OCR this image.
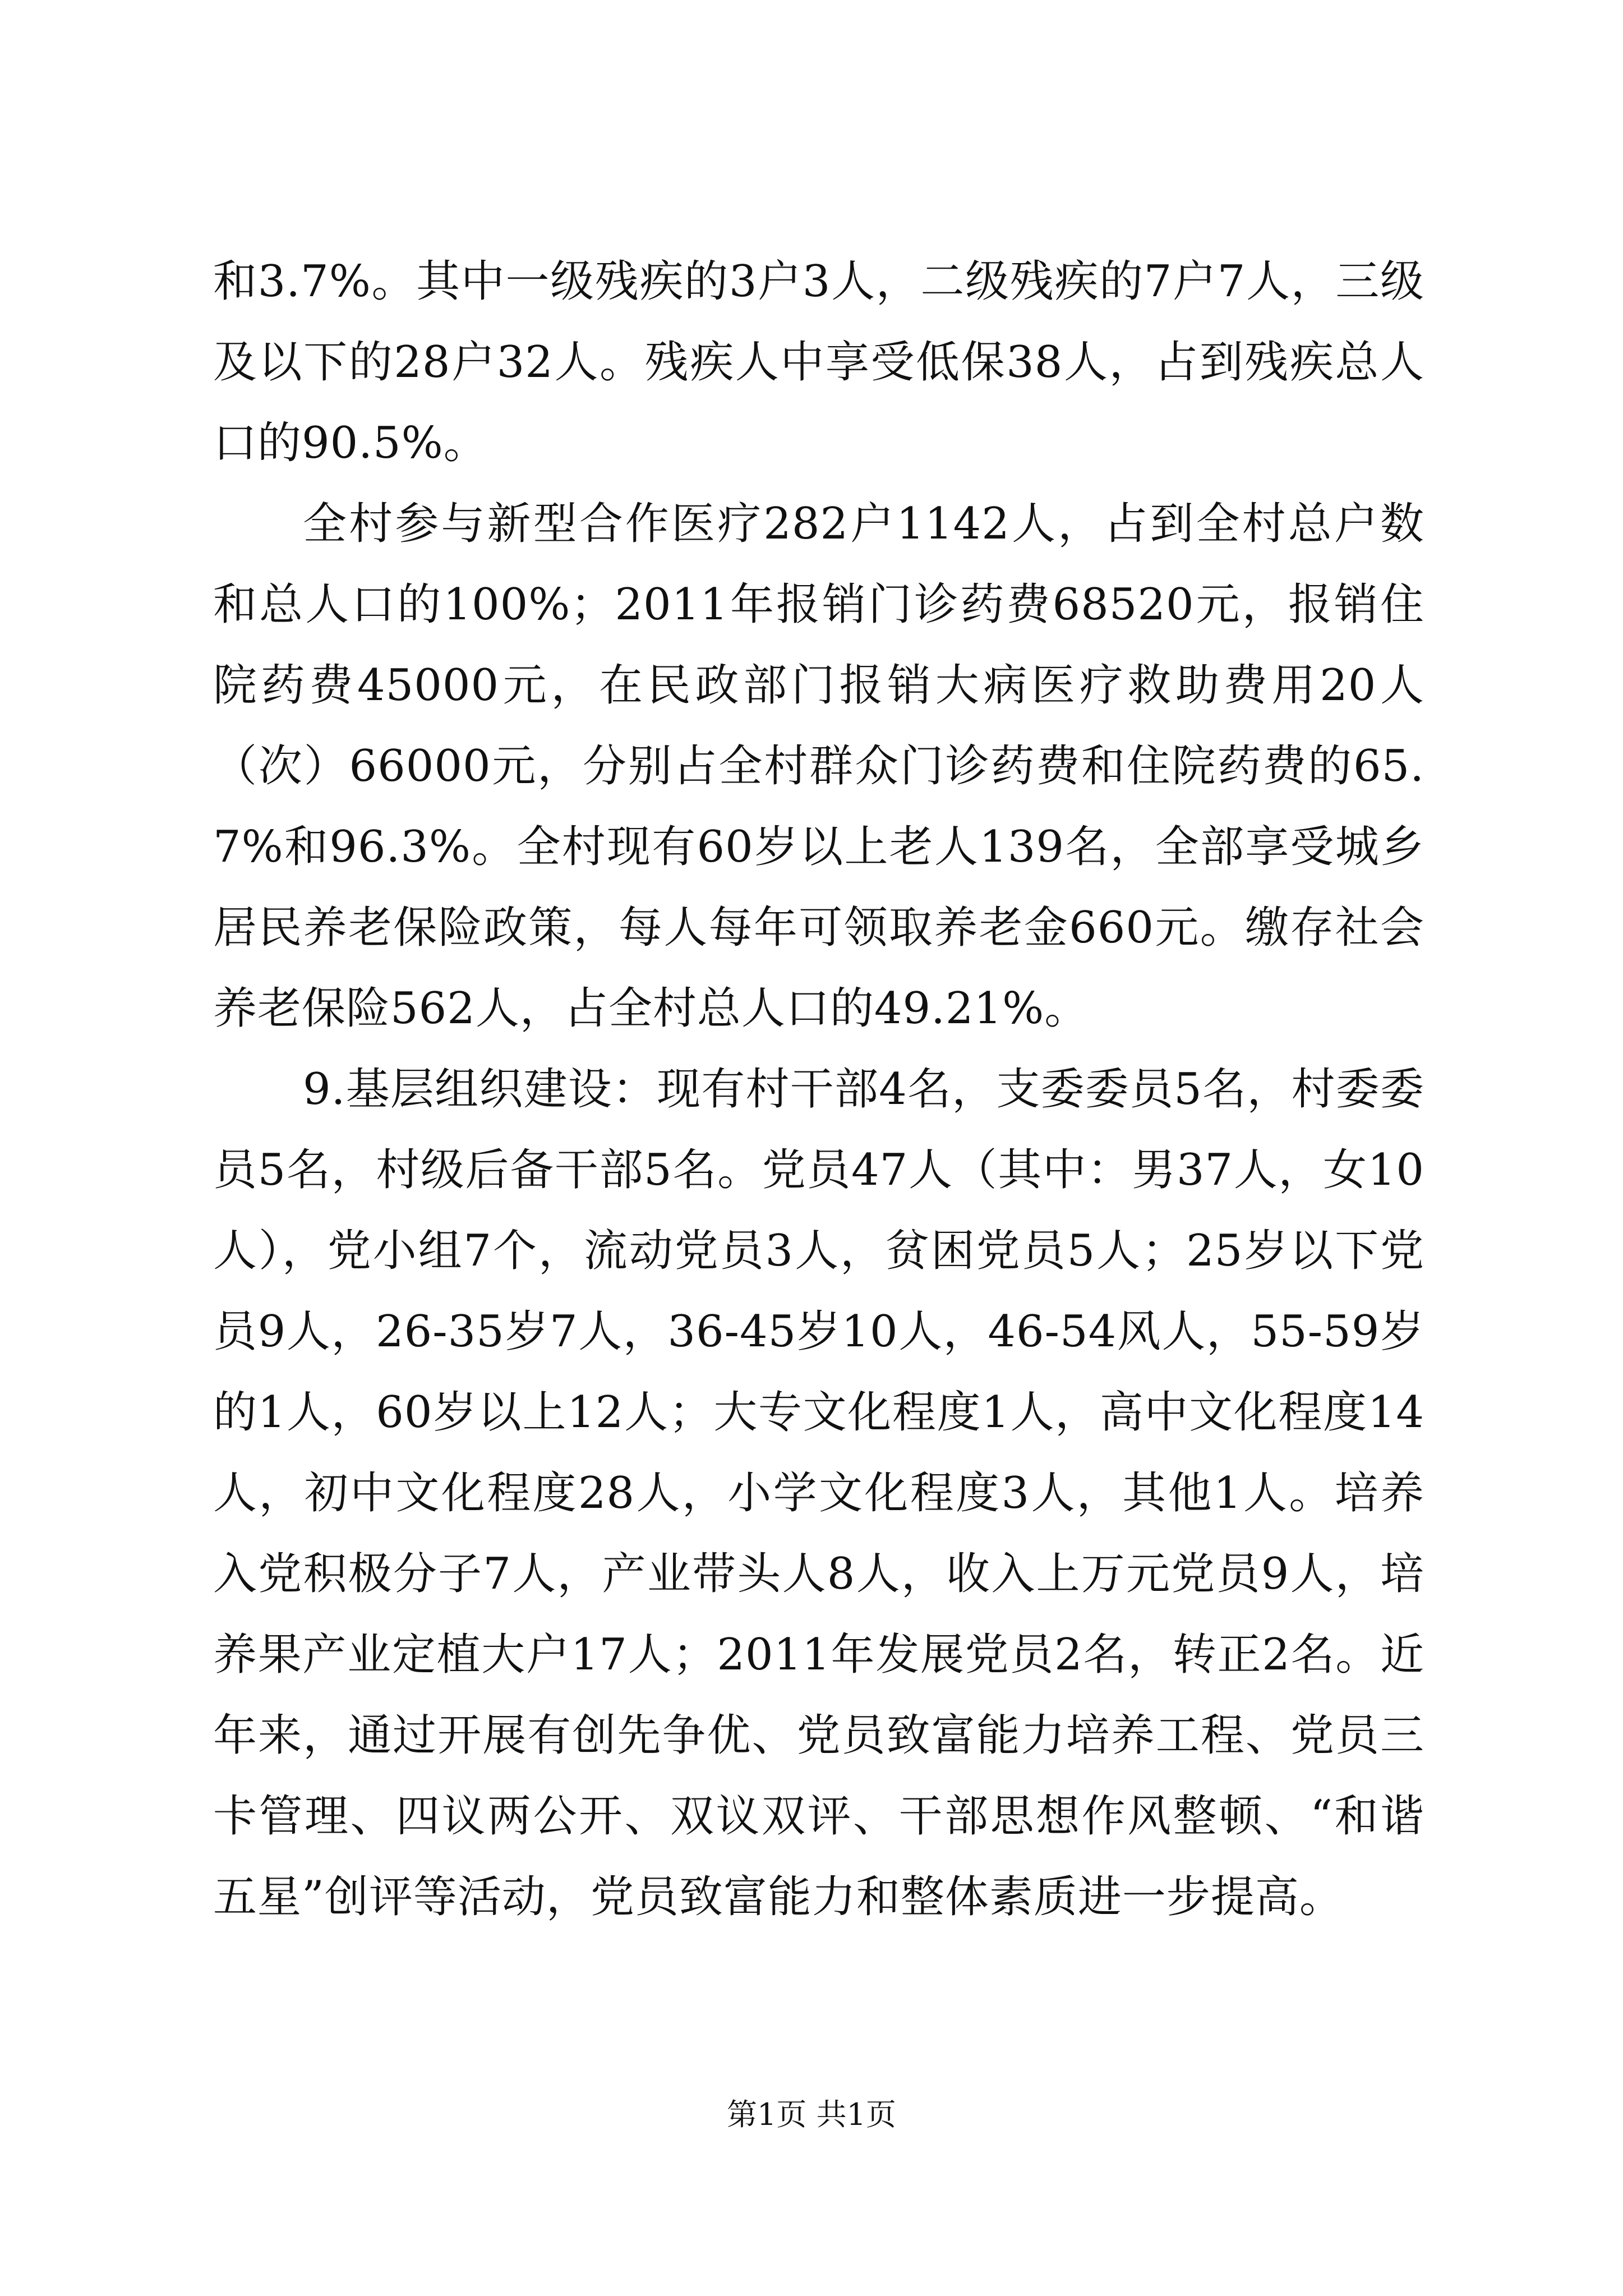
和3.7%。其中一级残疾的3户3人，二级残疾的7户7人，三级及以下的28户32人。残疾人中享受低保38人，占到残疾总人口的90.5%。

全村参与新型合作医疗282户1142人，占到全村总户数和总人口的100%；2011年报销门诊药费68520元，报销住院药费45000元，在民政部门报销大病医疗救助费用20人（次）66000元，分别占全村群众门诊药费和住院药费的65.7%和96.3%。全村现有60岁以上老人139名，全部享受城乡居民养老保险政策，每人每年可领取养老金660元。缴存社会养老保险562人，占全村总人口的49.21%。

9.基层组织建设：现有村干部4名，支委委员5名，村委委员5名，村级后备干部5名。党员47人（其中：男37人，女10人），党小组7个，流动党员3人，贫困党员5人；25岁以下党员9人，26-35岁7人，36-45岁10人，46-54风人，55-59岁的1人，60岁以上12人；大专文化程度1人，高中文化程度14人，初中文化程度28人，小学文化程度3人，其他1人。培养入党积极分子7人，产业带头人8人，收入上万元党员9人，培养果产业定植大户17人；2011年发展党员2名，转正2名。近年来，通过开展有创先争优、党员致富能力培养工程、党员三卡管理、四议两公开、双议双评、干部思想作风整顿、“和谐五星”创评等活动，党员致富能力和整体素质进一步提高。

第1页 共1页
